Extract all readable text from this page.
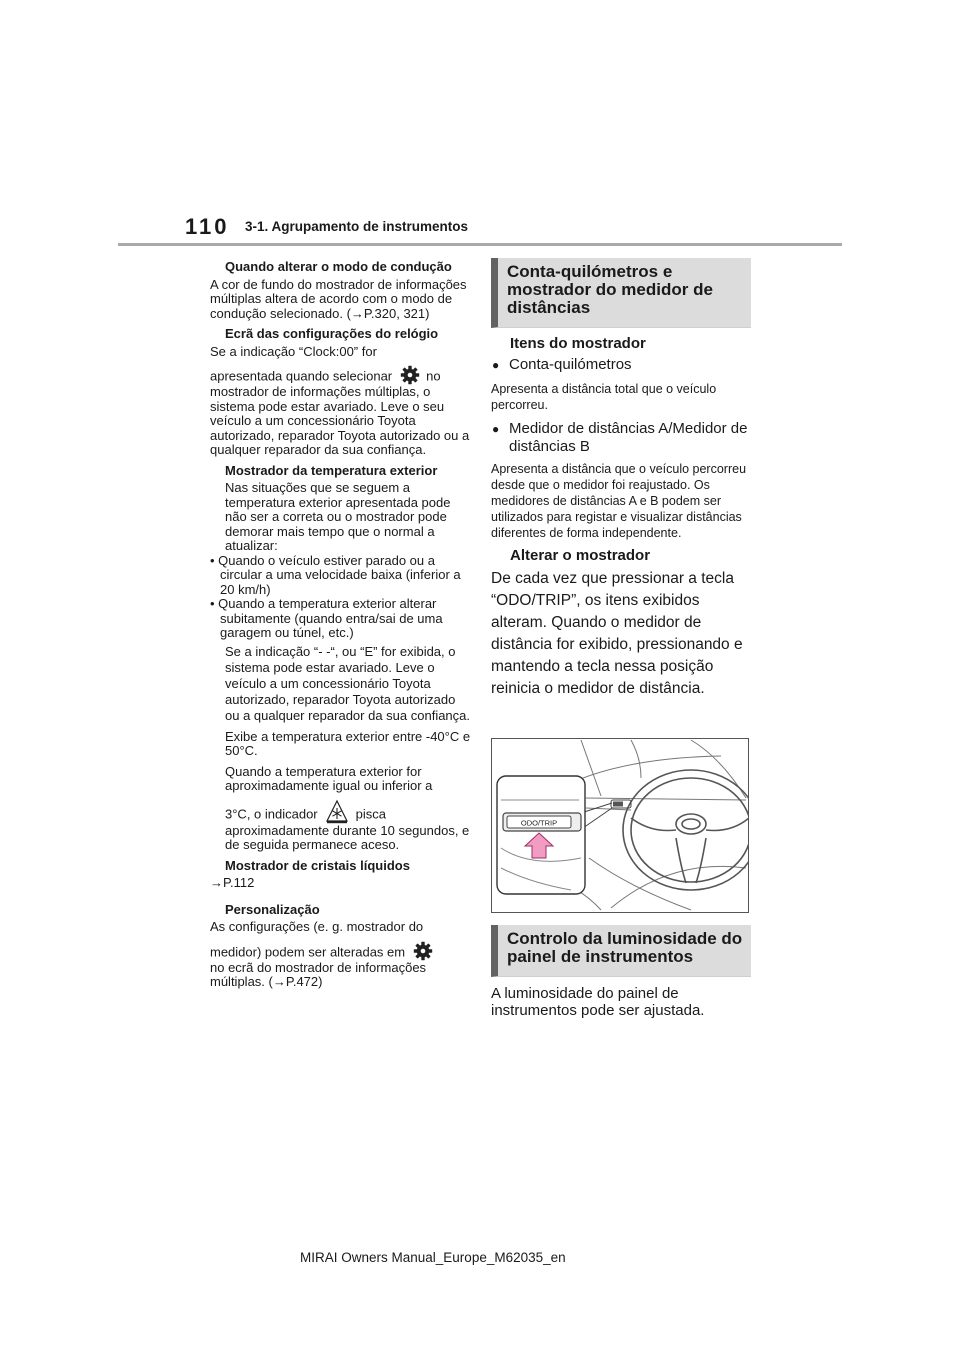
110 3-1. Agrupamento de instrumentos

Quando alterar o modo de condução

A cor de fundo do mostrador de informações múltiplas altera de acordo com o modo de condução selecionado. (→P.320, 321)

Ecrã das configurações do relógio

Se a indicação “Clock:00” for

apresentada quando selecionar	no

mostrador de informações múltiplas, o sistema pode estar avariado. Leve o seu veículo a um concessionário Toyota autorizado, reparador Toyota autorizado ou a qualquer reparador da sua confiança.

Mostrador da temperatura exterior

Nas situações que se seguem a temperatura exterior apresentada pode não ser a correta ou o mostrador pode demorar mais tempo que o normal a atualizar:

• Quando o veículo estiver parado ou a circular a uma velocidade baixa (inferior a 20 km/h)

• Quando a temperatura exterior alterar subitamente (quando entra/sai de uma garagem ou túnel, etc.)

Se a indicação “- -“, ou “E” for exibida, o sistema pode estar avariado. Leve o veículo a um concessionário Toyota autorizado, reparador Toyota autorizado ou a qualquer reparador da sua confiança.

Exibe a temperatura exterior entre -40°C e 50°C.

Quando a temperatura exterior for aproximadamente igual ou inferior a

3°C, o indicador	pisca

aproximadamente durante 10 segundos, e de seguida permanece aceso.

Mostrador de cristais líquidos

→P.112

Personalização

As configurações (e. g. mostrador do

medidor) podem ser alteradas em

no ecrã do mostrador de informações múltiplas. (→P.472)

Conta-quilómetros e mostrador do medidor de distâncias
Itens do mostrador
● Conta-quilómetros
Apresenta a distância total que o veículo percorreu.
● Medidor de distâncias A/Medidor de distâncias B
Apresenta a distância que o veículo percorreu desde que o medidor foi reajustado. Os medidores de distâncias A e B podem ser utilizados para registar e visualizar distâncias diferentes de forma independente.
Alterar o mostrador
De cada vez que pressionar a tecla “ODO/TRIP”, os itens exibidos alteram. Quando o medidor de distância for exibido, pressionando e mantendo a tecla nessa posição reinicia o medidor de distância.
ODO/TRIP
Controlo da luminosidade do painel de instrumentos
A luminosidade do painel de instrumentos pode ser ajustada.
MIRAI Owners Manual_Europe_M62035_en
